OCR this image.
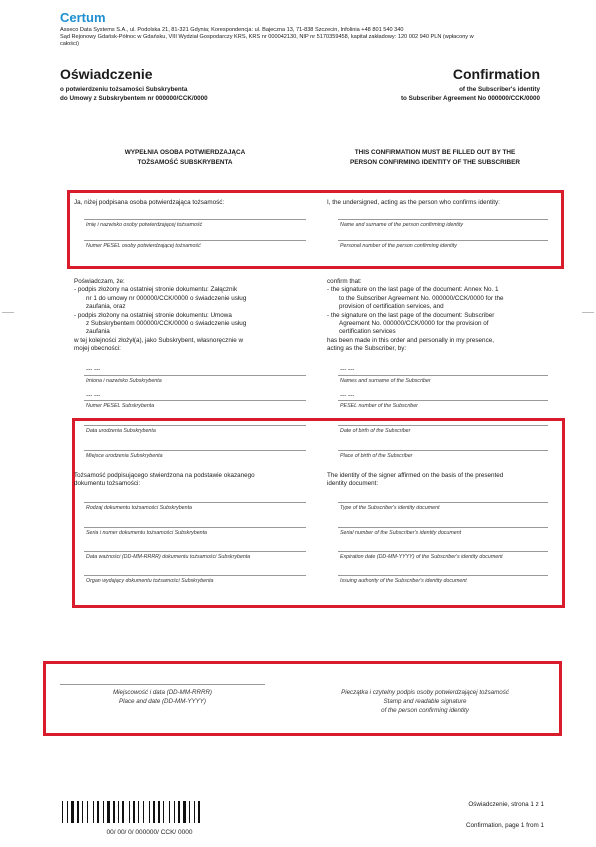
Certum
Asseco Data Systems S.A., ul. Podolska 21, 81-321 Gdynia; Korespondencja: ul. Bajeczna 13, 71-838 Szczecin, Infolinia +48 801 540 340
Sąd Rejonowy Gdańsk-Północ w Gdańsku, VIII Wydział Gospodarczy KRS, KRS nr 000042130, NIP nr 5170359458, kapitał zakładowy: 120 002 940 PLN (wpłacony w
całości)
Oświadczenie
o potwierdzeniu tożsamości Subskrybenta
do Umowy z Subskrybentem nr 000000/CCK/0000
Confirmation
of the Subscriber's identity
to Subscriber Agreement No 000000/CCK/0000
WYPEŁNIA OSOBA POTWIERDZAJĄCA
TOŻSAMOŚĆ SUBSKRYBENTA
THIS CONFIRMATION MUST BE FILLED OUT BY THE
PERSON CONFIRMING IDENTITY OF THE SUBSCRIBER
Ja, niżej podpisana osoba potwierdzająca tożsamość:	I, the undersigned, acting as the person who confirms identity:
Imię i nazwisko osoby potwierdzającej tożsamość
Numer PESEL osoby potwierdzającej tożsamość
Name and surname of the person confirming identity
Personal number of the person confirming identity
Poświadczam, że:
- podpis złożony na ostatniej stronie dokumentu: Załącznik
nr 1 do umowy nr 000000/CCK/0000 o świadczenie usług
zaufania, oraz
- podpis złożony na ostatniej stronie dokumentu: Umowa
z Subskrybentem 000000/CCK/0000 o świadczenie usług
zaufania
w tej kolejności złożył(a), jako Subskrybent, własnoręcznie w
mojej obecności:
confirm that:
- the signature on the last page of the document: Annex No. 1
to the Subscriber Agreement No. 000000/CCK/0000 for the
provision of certification services, and
- the signature on the last page of the document: Subscriber
Agreement No. 000000/CCK/0000 for the provision of
certification services
has been made in this order and personally in my presence,
acting as the Subscriber, by:
--- ---
Imiona i nazwisko Subskrybenta
--- ---
Numer PESEL Subskrybenta
--- ---
Names and surname of the Subscriber
--- ---
PESEL number of the Subscriber
Data urodzenia Subskrybenta
Miejsce urodzenia Subskrybenta
Date of birth of the Subscriber
Place of birth of the Subscriber
Tożsamość podpisującego stwierdzona na podstawie okazanego
dokumentu tożsamości:
The identity of the signer affirmed on the basis of the presented
identity document:
Rodzaj dokumentu tożsamości Subskrybenta
Seria i numer dokumentu tożsamości Subskrybenta
Data ważności (DD-MM-RRRR) dokumentu tożsamości Subskrybenta
Organ wydający dokumentu tożsamości Subskrybenta
Type of the Subscriber's identity document
Serial number of the Subscriber's identity document
Expiration date (DD-MM-YYYY) of the Subscriber's identity document
Issuing authority of the Subscriber's identity document
Miejscowość i data (DD-MM-RRRR)
Place and date (DD-MM-YYYY)
Pieczątka i czytelny podpis osoby potwierdzającej tożsamość
Stamp and readable signature
of the person confirming identity
00/ 00/ 0/ 000000/ CCK/ 0000
Oświadczenie, strona 1 z 1
Confirmation, page 1 from 1
